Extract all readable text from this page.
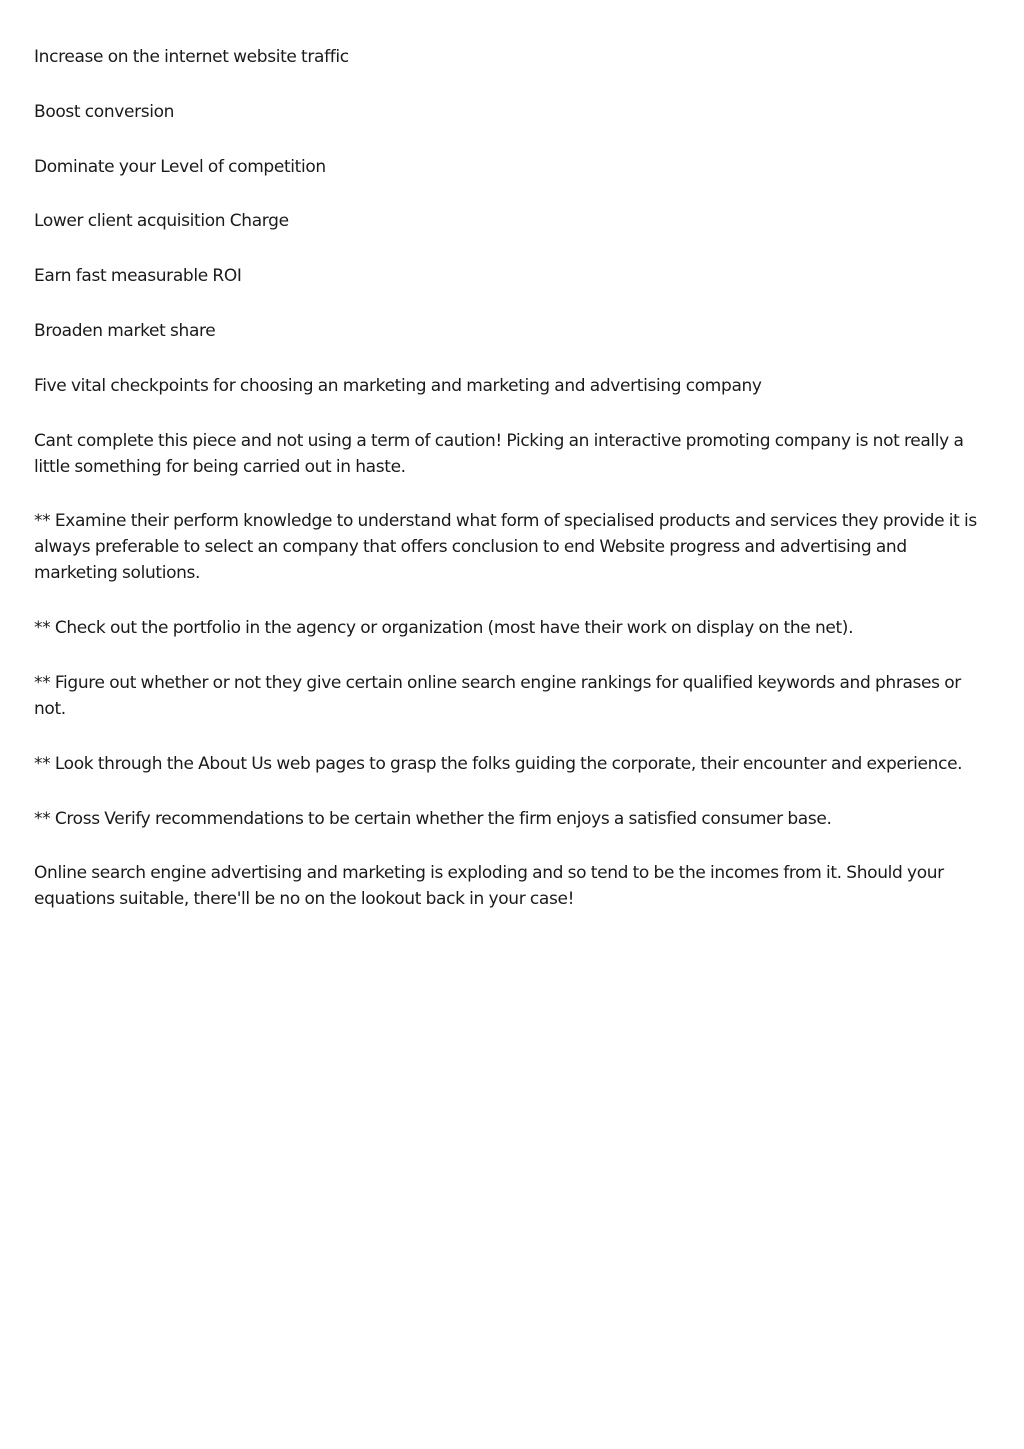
Increase on the internet website traffic

Boost conversion

Dominate your Level of competition

Lower client acquisition Charge

Earn fast measurable ROI

Broaden market share

Five vital checkpoints for choosing an marketing and marketing and advertising company

Cant complete this piece and not using a term of caution! Picking an interactive promoting company is not really a little something for being carried out in haste.

** Examine their perform knowledge to understand what form of specialised products and services they provide it is always preferable to select an company that offers conclusion to end Website progress and advertising and marketing solutions.

** Check out the portfolio in the agency or organization (most have their work on display on the net).

** Figure out whether or not they give certain online search engine rankings for qualified keywords and phrases or not.

** Look through the About Us web pages to grasp the folks guiding the corporate, their encounter and experience.

** Cross Verify recommendations to be certain whether the firm enjoys a satisfied consumer base.

Online search engine advertising and marketing is exploding and so tend to be the incomes from it. Should your equations suitable, there'll be no on the lookout back in your case!
